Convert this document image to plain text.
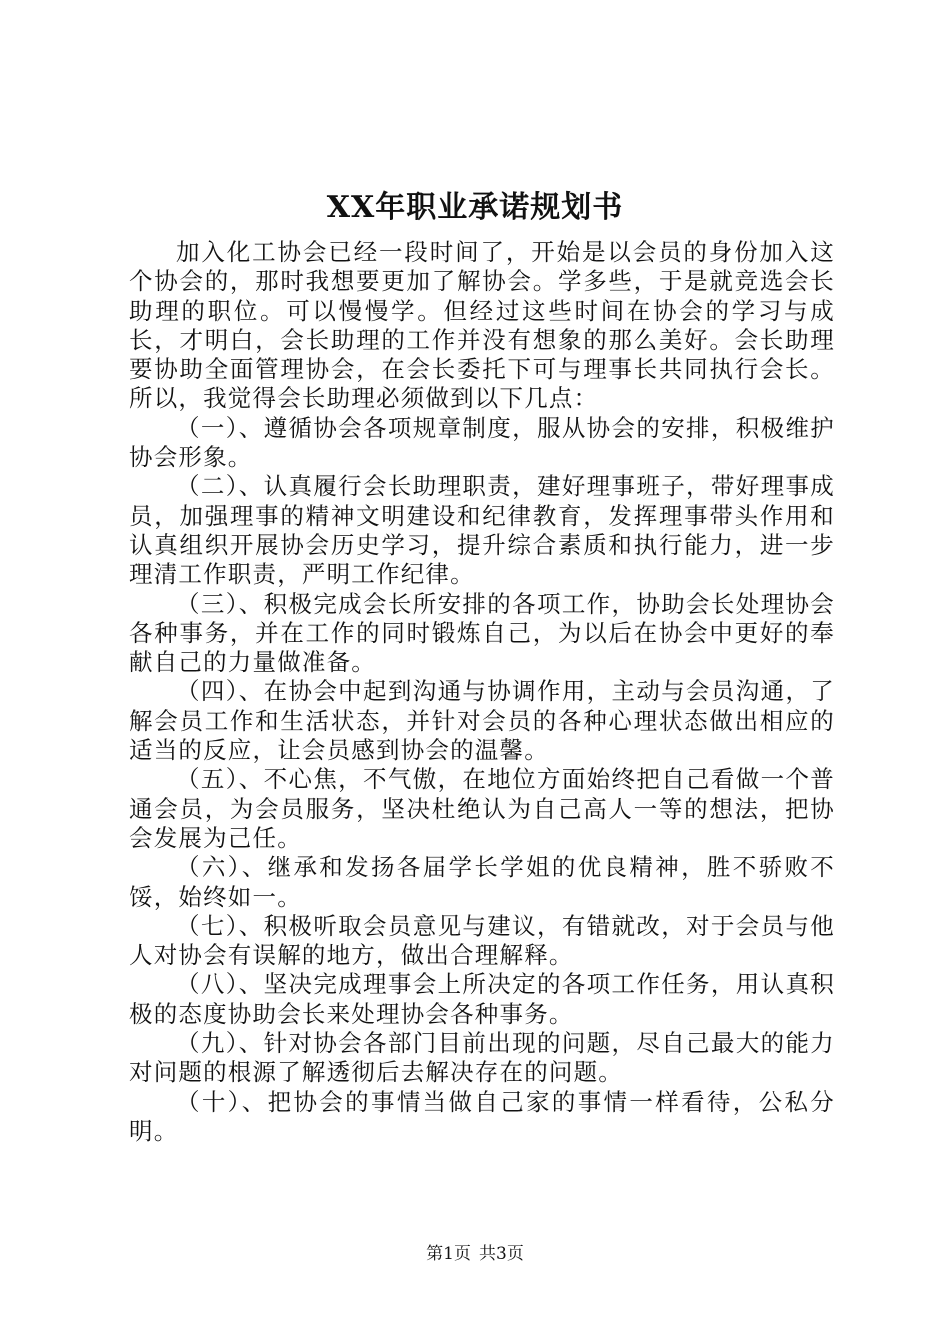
XX年职业承诺规划书

加入化工协会已经一段时间了，开始是以会员的身份加入这个协会的，那时我想要更加了解协会。学多些，于是就竞选会长助理的职位。可以慢慢学。但经过这些时间在协会的学习与成长，才明白，会长助理的工作并没有想象的那么美好。会长助理要协助全面管理协会，在会长委托下可与理事长共同执行会长。所以，我觉得会长助理必须做到以下几点：

（一）、遵循协会各项规章制度，服从协会的安排，积极维护协会形象。

（二）、认真履行会长助理职责，建好理事班子，带好理事成员，加强理事的精神文明建设和纪律教育，发挥理事带头作用和认真组织开展协会历史学习，提升综合素质和执行能力，进一步理清工作职责，严明工作纪律。

（三）、积极完成会长所安排的各项工作，协助会长处理协会各种事务，并在工作的同时锻炼自己，为以后在协会中更好的奉献自己的力量做准备。

（四）、在协会中起到沟通与协调作用，主动与会员沟通，了解会员工作和生活状态，并针对会员的各种心理状态做出相应的适当的反应，让会员感到协会的温馨。

（五）、不心焦，不气傲，在地位方面始终把自己看做一个普通会员，为会员服务，坚决杜绝认为自己高人一等的想法，把协会发展为己任。

（六）、继承和发扬各届学长学姐的优良精神，胜不骄败不馁，始终如一。

（七）、积极听取会员意见与建议，有错就改，对于会员与他人对协会有误解的地方，做出合理解释。

（八）、坚决完成理事会上所决定的各项工作任务，用认真积极的态度协助会长来处理协会各种事务。

（九）、针对协会各部门目前出现的问题，尽自己最大的能力对问题的根源了解透彻后去解决存在的问题。

（十）、把协会的事情当做自己家的事情一样看待，公私分明。

第1页 共3页
